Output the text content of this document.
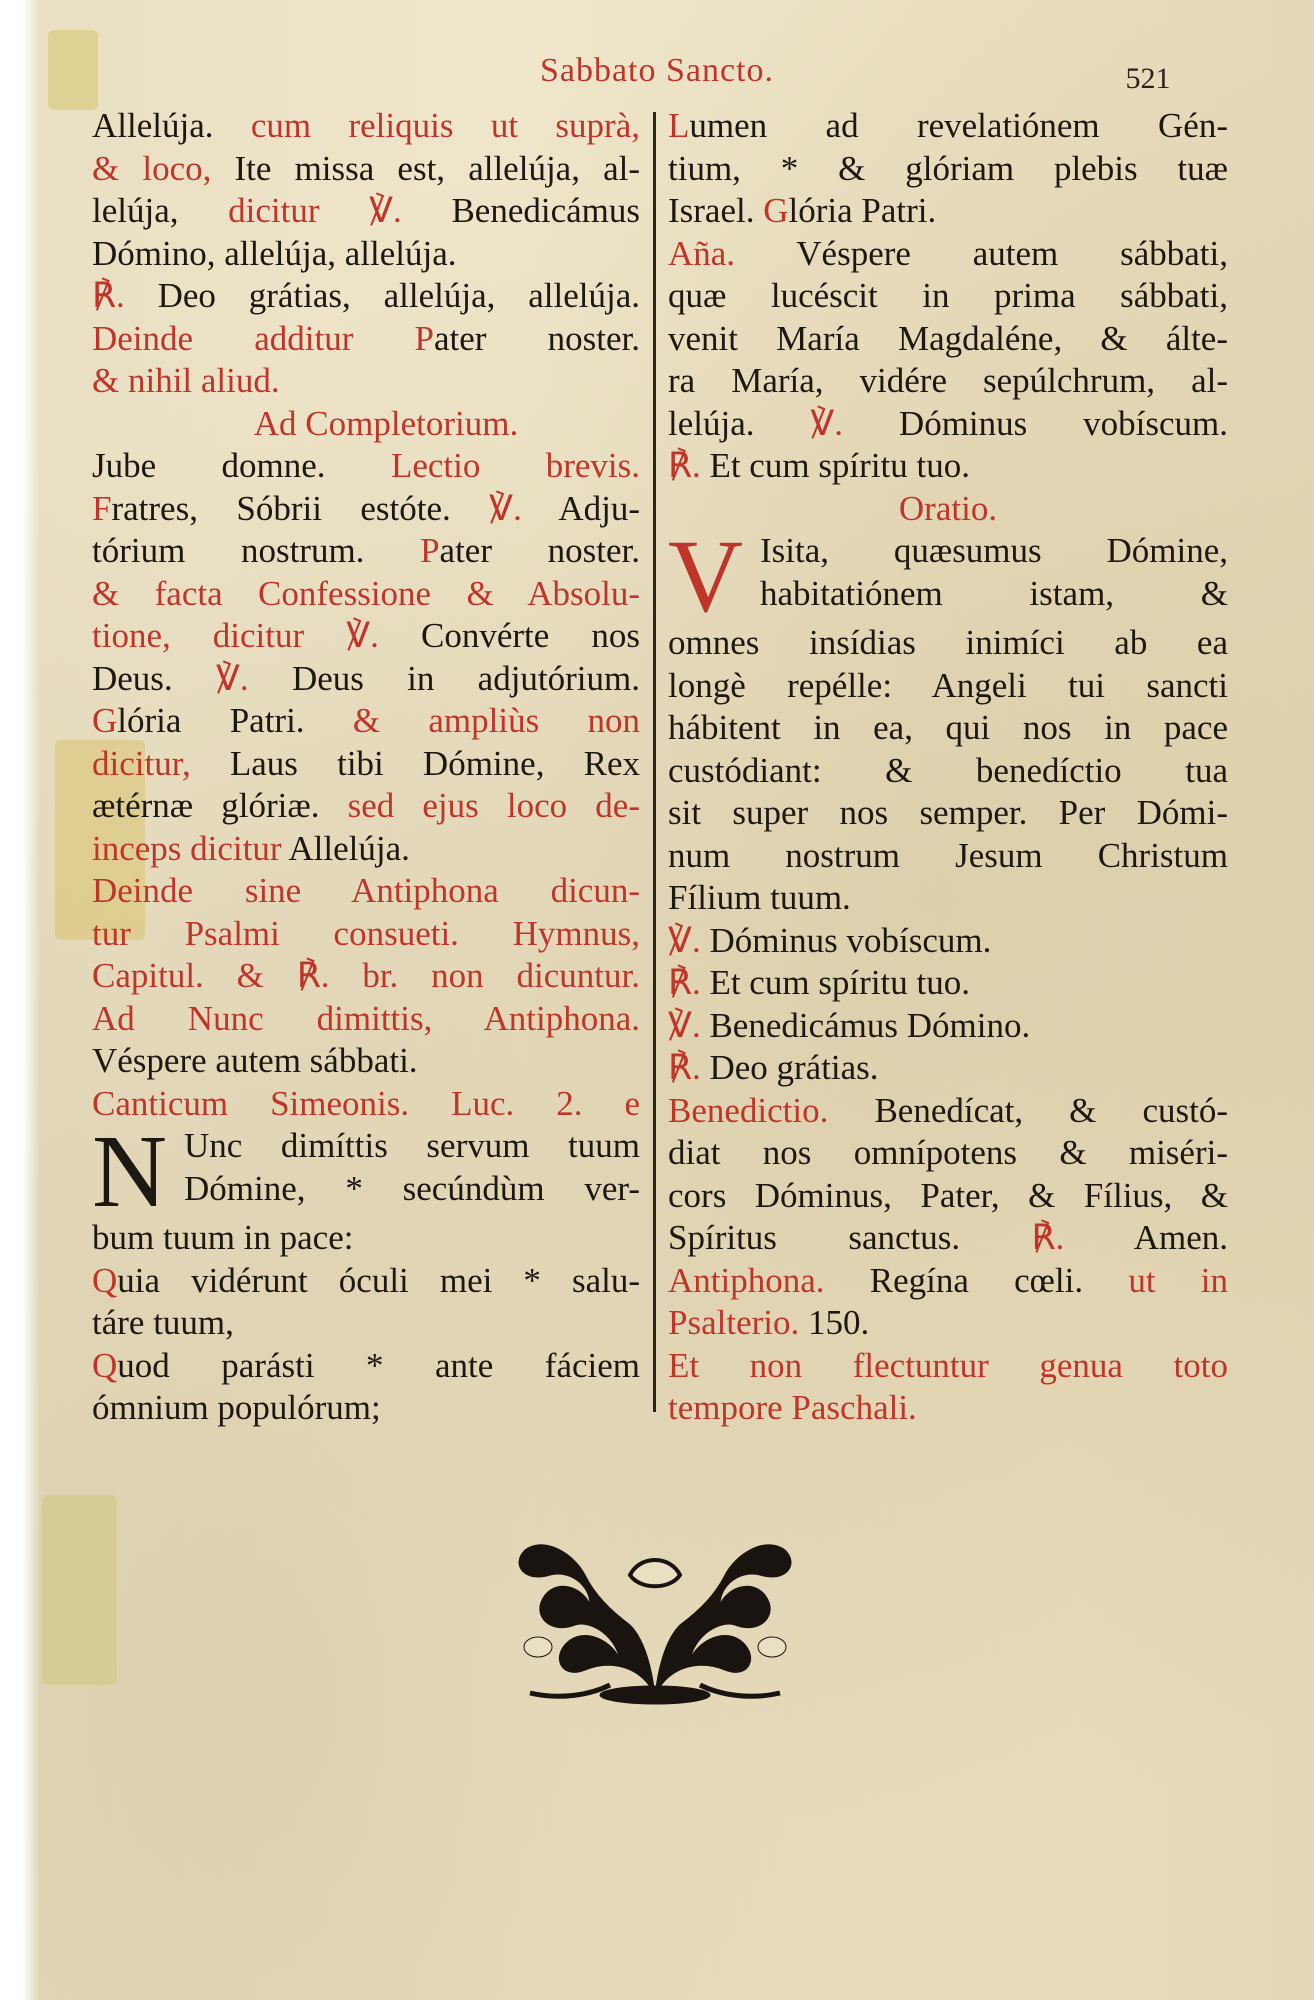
Sabbato Sancto.	521
Allelúja. cum reliquis ut suprà,
& loco, Ite missa est, allelúja, al-
lelúja, dicitur ℣. Benedicámus
Dómino, allelúja, allelúja.
℟. Deo grátias, allelúja, allelúja.
Deinde additur Pater noster.
& nihil aliud.
Ad Completorium.
Jube domne. Lectio brevis.
Fratres, Sóbrii estóte. ℣. Adju-
tórium nostrum. Pater noster.
& facta Confessione & Absolu-
tione, dicitur ℣. Convérte nos
Deus. ℣. Deus in adjutórium.
Glória Patri. & ampliùs non
dicitur, Laus tibi Dómine, Rex
ætérnæ glóriæ. sed ejus loco de-
inceps dicitur Allelúja.
Deinde sine Antiphona dicun-
tur Psalmi consueti. Hymnus,
Capitul. & ℟. br. non dicuntur.
Ad Nunc dimittis, Antiphona.
Véspere autem sábbati.
Canticum Simeonis. Luc. 2. e
N Unc dimíttis servum tuum
Dómine, * secúndùm ver-
bum tuum in pace:
Quia vidérunt óculi mei * salu-
táre tuum,
Quod parásti * ante fáciem
ómnium populórum;
Lumen ad revelatiónem Gén-
tium, * & glóriam plebis tuæ
Israel. Glória Patri.
Aña. Véspere autem sábbati,
quæ lucéscit in prima sábbati,
venit María Magdaléne, & álte-
ra María, vidére sepúlchrum, al-
lelúja. ℣. Dóminus vobíscum.
℟. Et cum spíritu tuo.
Oratio.
V Isita, quæsumus Dómine,
habitatiónem istam, &
omnes insídias inimíci ab ea
longè repélle: Angeli tui sancti
hábitent in ea, qui nos in pace
custódiant: & benedíctio tua
sit super nos semper. Per Dómi-
num nostrum Jesum Christum
Fílium tuum.
℣. Dóminus vobíscum.
℟. Et cum spíritu tuo.
℣. Benedicámus Dómino.
℟. Deo grátias.
Benedictio. Benedícat, & custó-
diat nos omnípotens & miséri-
cors Dóminus, Pater, & Fílius, &
Spíritus sanctus. ℟. Amen.
Antiphona. Regína cœli. ut in
Psalterio. 150.
Et non flectuntur genua toto
tempore Paschali.
